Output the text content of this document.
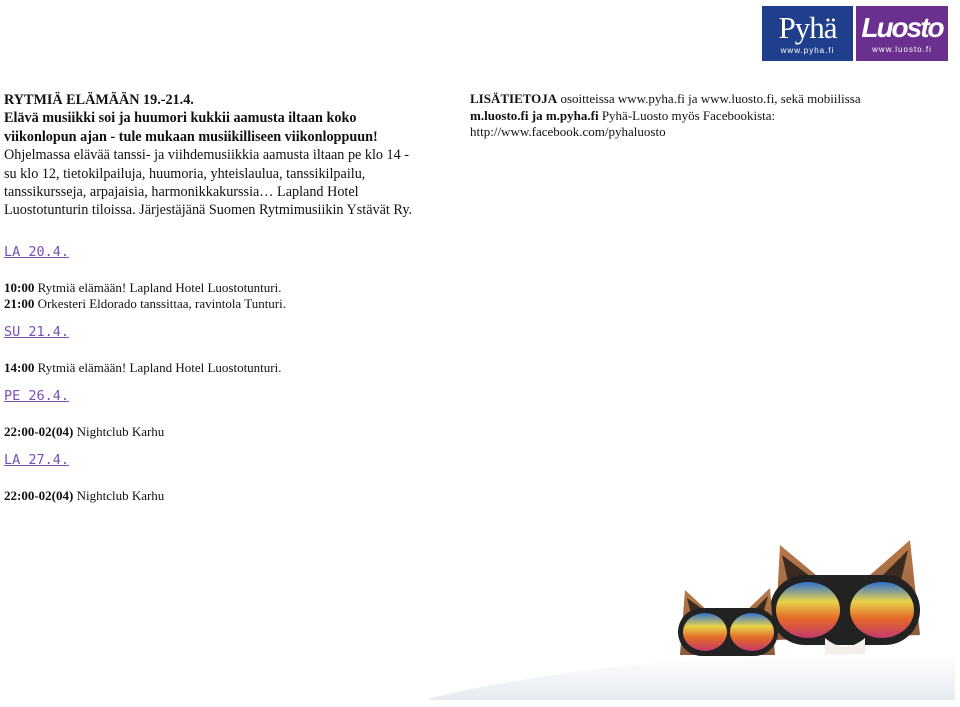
Pyhä
www.pyha.fi
Luosto
www.luosto.fi
RYTMIÄ ELÄMÄÄN 19.-21.4.
Elävä musiikki soi ja huumori kukkii aamusta iltaan koko viikonlopun ajan - tule mukaan musiikilliseen viikonloppuun!
Ohjelmassa elävää tanssi- ja viihdemusiikkia aamusta iltaan pe klo 14 - su klo 12, tietokilpailuja, huumoria, yhteislaulua, tanssikilpailu, tanssikursseja, arpajaisia, harmonikkakurssia… Lapland Hotel Luostotunturin tiloissa. Järjestäjänä Suomen Rytmimusiikin Ystävät Ry.
LISÄTIETOJA osoitteissa www.pyha.fi ja www.luosto.fi, sekä mobiilissa m.luosto.fi ja m.pyha.fi Pyhä-Luosto myös Facebookista: http://www.facebook.com/pyhaluosto
LA 20.4.
10:00 Rytmiä elämään! Lapland Hotel Luostotunturi.
21:00 Orkesteri Eldorado tanssittaa, ravintola Tunturi.
SU 21.4.
14:00 Rytmiä elämään! Lapland Hotel Luostotunturi.
PE 26.4.
22:00-02(04) Nightclub Karhu
LA 27.4.
22:00-02(04) Nightclub Karhu
